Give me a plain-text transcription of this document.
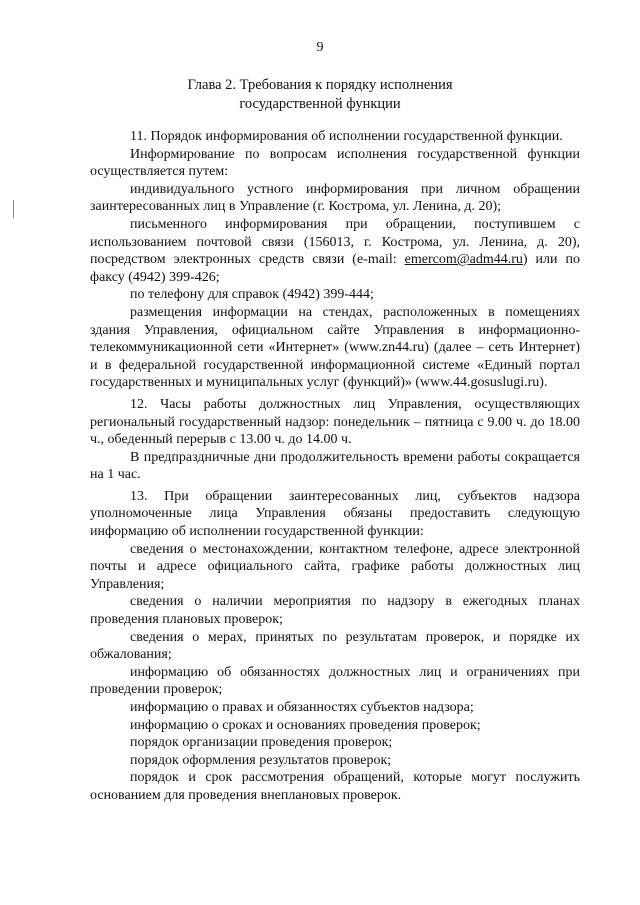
9
Глава 2. Требования к порядку исполнения
государственной функции

11. Порядок информирования об исполнении государственной функции.

Информирование по вопросам исполнения государственной функции осуществляется путем:

индивидуального устного информирования при личном обращении заинтересованных лиц в Управление (г. Кострома, ул. Ленина, д. 20);

письменного информирования при обращении, поступившем с использованием почтовой связи (156013, г. Кострома, ул. Ленина, д. 20), посредством электронных средств связи (e-mail: emercom@adm44.ru) или по факсу (4942) 399-426;

по телефону для справок (4942) 399-444;

размещения информации на стендах, расположенных в помещениях здания Управления, официальном сайте Управления в информационно-телекоммуникационной сети «Интернет» (www.zn44.ru) (далее – сеть Интернет) и в федеральной государственной информационной системе «Единый портал государственных и муниципальных услуг (функций)» (www.44.gosuslugi.ru).

12. Часы работы должностных лиц Управления, осуществляющих региональный государственный надзор: понедельник – пятница с 9.00 ч. до 18.00 ч., обеденный перерыв с 13.00 ч. до 14.00 ч.

В предпраздничные дни продолжительность времени работы сокращается на 1 час.

13. При обращении заинтересованных лиц, субъектов надзора уполномоченные лица Управления обязаны предоставить следующую информацию об исполнении государственной функции:

сведения о местонахождении, контактном телефоне, адресе электронной почты и адресе официального сайта, графике работы должностных лиц Управления;

сведения о наличии мероприятия по надзору в ежегодных планах проведения плановых проверок;

сведения о мерах, принятых по результатам проверок, и порядке их обжалования;

информацию об обязанностях должностных лиц и ограничениях при проведении проверок;

информацию о правах и обязанностях субъектов надзора;

информацию о сроках и основаниях проведения проверок;

порядок организации проведения проверок;

порядок оформления результатов проверок;

порядок и срок рассмотрения обращений, которые могут послужить основанием для проведения внеплановых проверок.
